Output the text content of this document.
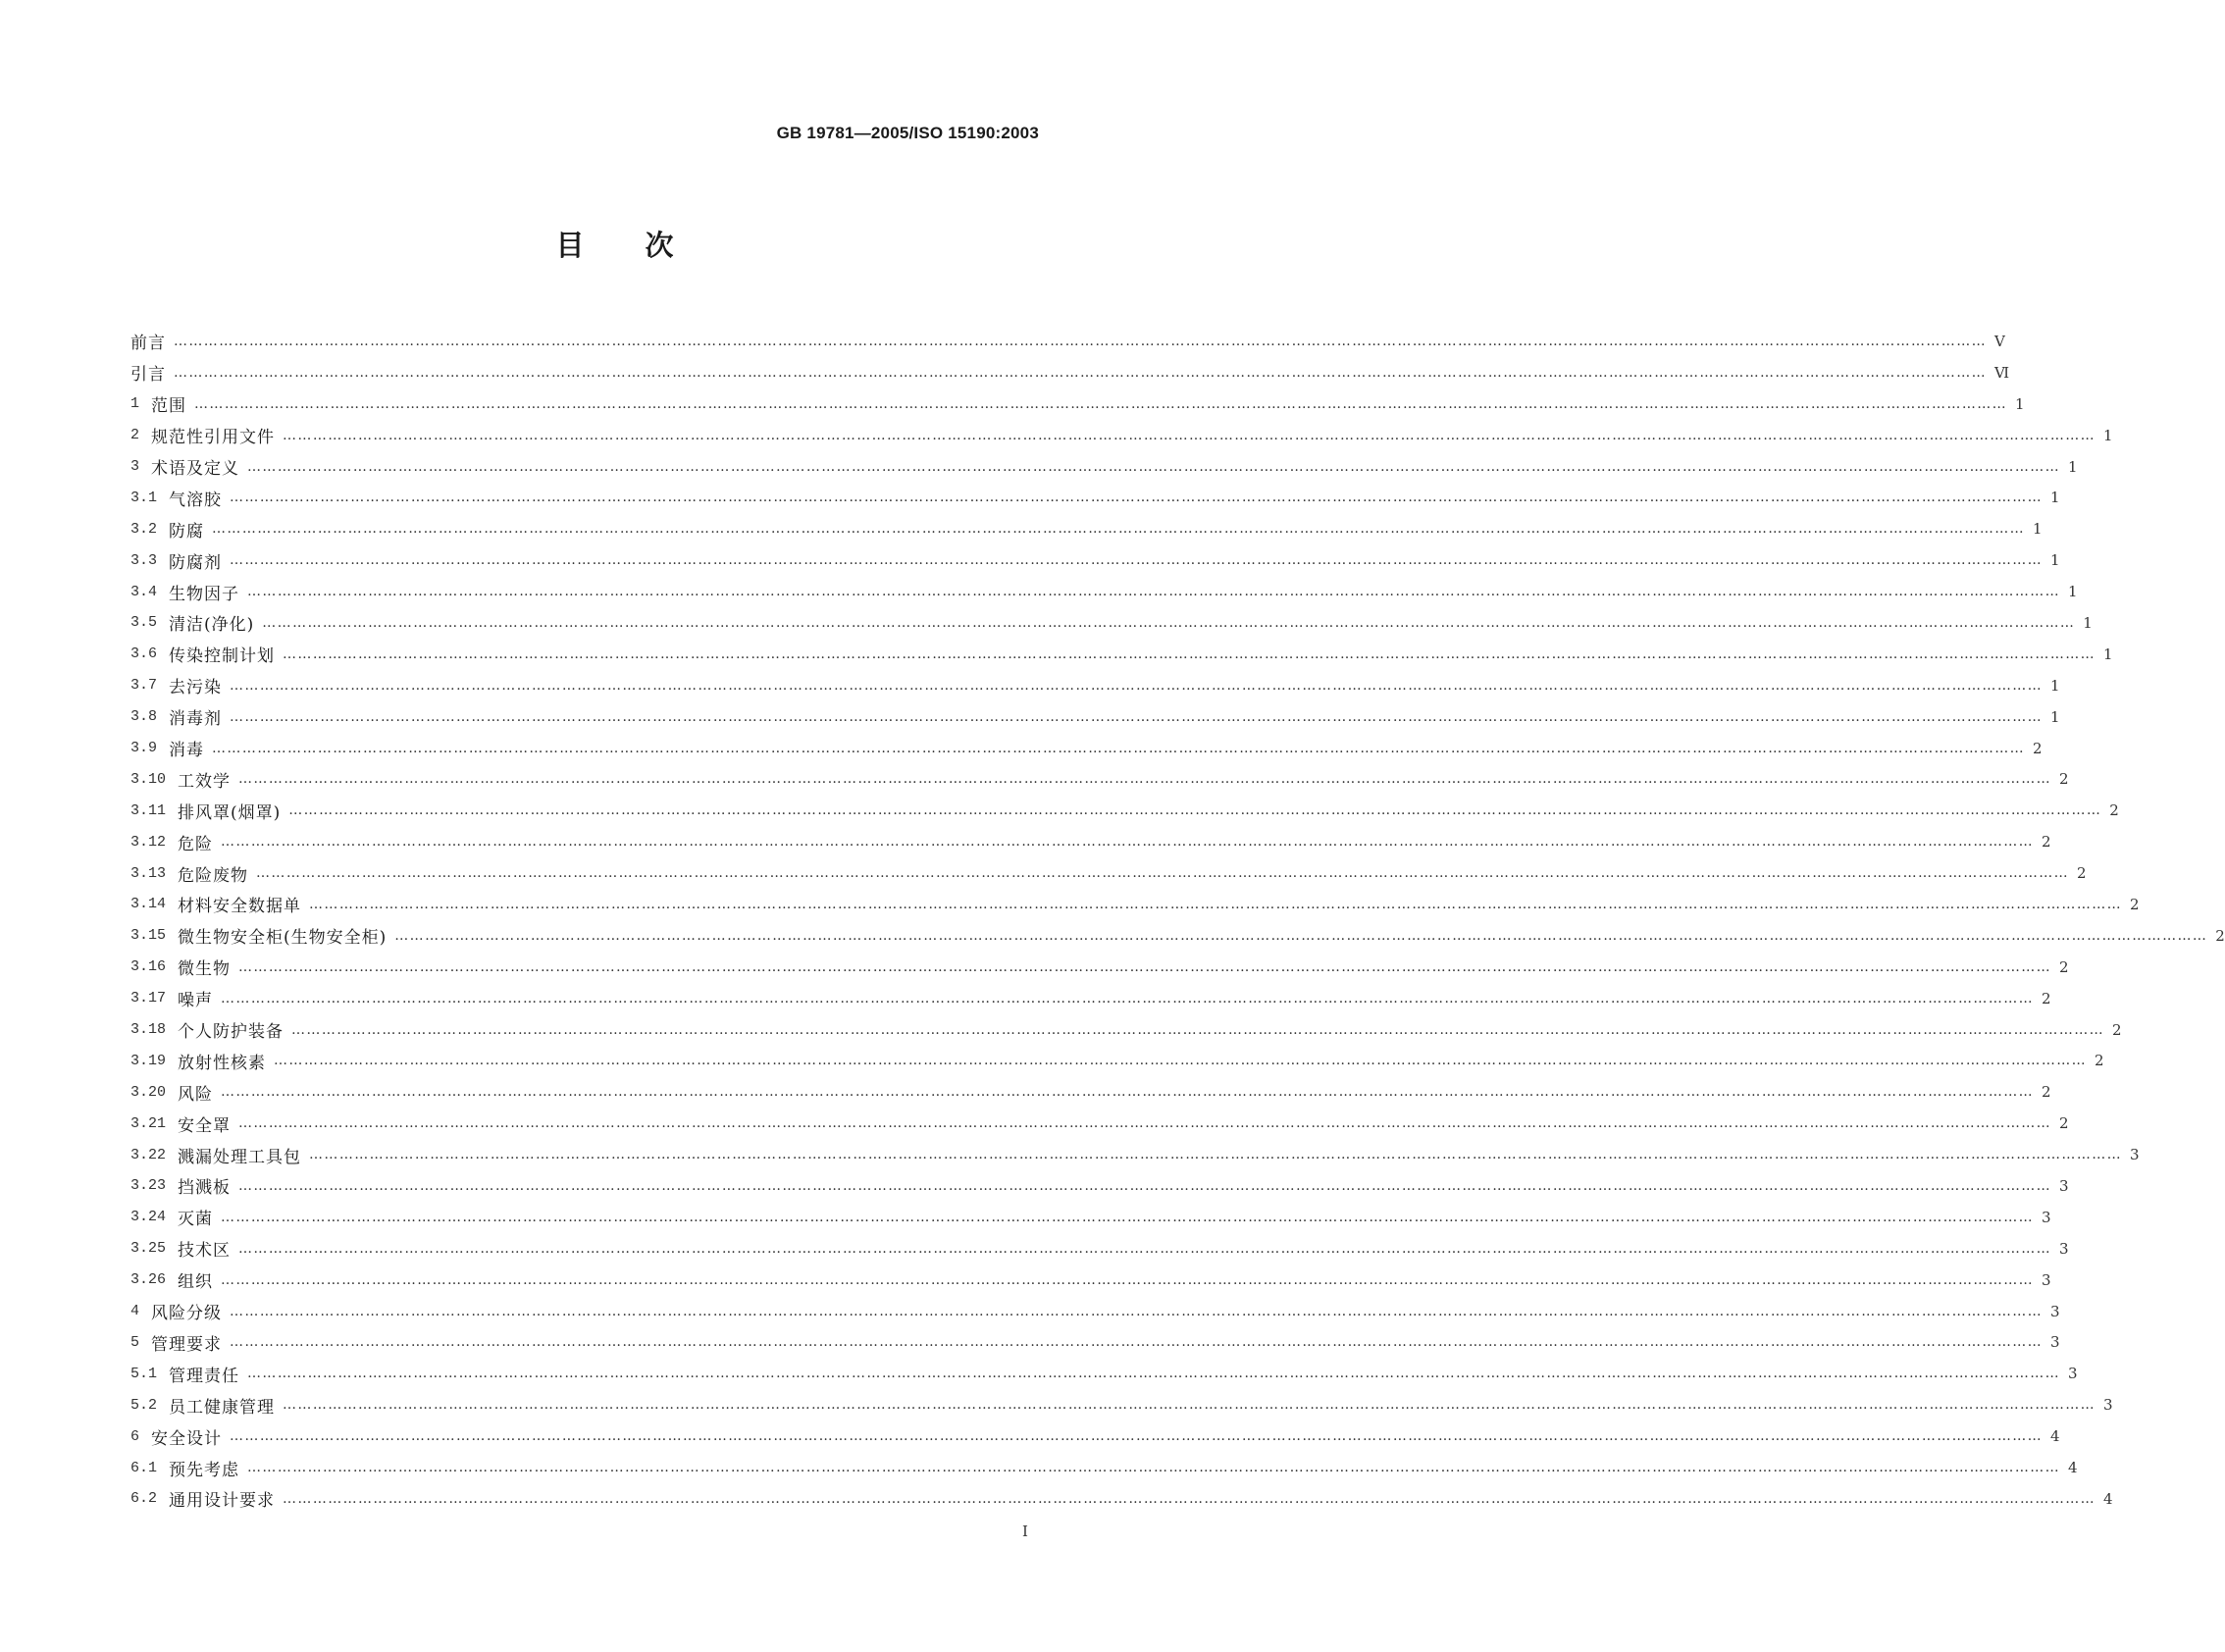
GB 19781—2005/ISO 15190:2003
目次
前言 ……………………………………………………………………………………………………………………………………………………………………………………………………………………………………………………………………………………………………………………………… V
引言 ……………………………………………………………………………………………………………………………………………………………………………………………………………………………………………………………………………………………………………………………… Ⅵ
1 范围 ……………………………………………………………………………………………………………………………………………………………………………………………………………………………………………………………………………………………………………………………… 1
2 规范性引用文件 ……………………………………………………………………………………………………………………………………………………………………………………………………………………………………………………………………………………………………………………………… 1
3 术语及定义 ……………………………………………………………………………………………………………………………………………………………………………………………………………………………………………………………………………………………………………………………… 1
3.1 气溶胶 ……………………………………………………………………………………………………………………………………………………………………………………………………………………………………………………………………………………………………………………………… 1
3.2 防腐 ……………………………………………………………………………………………………………………………………………………………………………………………………………………………………………………………………………………………………………………………… 1
3.3 防腐剂 ……………………………………………………………………………………………………………………………………………………………………………………………………………………………………………………………………………………………………………………………… 1
3.4 生物因子 ……………………………………………………………………………………………………………………………………………………………………………………………………………………………………………………………………………………………………………………………… 1
3.5 清洁(净化) ……………………………………………………………………………………………………………………………………………………………………………………………………………………………………………………………………………………………………………………………… 1
3.6 传染控制计划 ……………………………………………………………………………………………………………………………………………………………………………………………………………………………………………………………………………………………………………………………… 1
3.7 去污染 ……………………………………………………………………………………………………………………………………………………………………………………………………………………………………………………………………………………………………………………………… 1
3.8 消毒剂 ……………………………………………………………………………………………………………………………………………………………………………………………………………………………………………………………………………………………………………………………… 1
3.9 消毒 ……………………………………………………………………………………………………………………………………………………………………………………………………………………………………………………………………………………………………………………………… 2
3.10 工效学 ……………………………………………………………………………………………………………………………………………………………………………………………………………………………………………………………………………………………………………………………… 2
3.11 排风罩(烟罩) ……………………………………………………………………………………………………………………………………………………………………………………………………………………………………………………………………………………………………………………………… 2
3.12 危险 ……………………………………………………………………………………………………………………………………………………………………………………………………………………………………………………………………………………………………………………………… 2
3.13 危险废物 ……………………………………………………………………………………………………………………………………………………………………………………………………………………………………………………………………………………………………………………………… 2
3.14 材料安全数据单 ……………………………………………………………………………………………………………………………………………………………………………………………………………………………………………………………………………………………………………………………… 2
3.15 微生物安全柜(生物安全柜) ……………………………………………………………………………………………………………………………………………………………………………………………………………………………………………………………………………………………………………………………… 2
3.16 微生物 ……………………………………………………………………………………………………………………………………………………………………………………………………………………………………………………………………………………………………………………………… 2
3.17 噪声 ……………………………………………………………………………………………………………………………………………………………………………………………………………………………………………………………………………………………………………………………… 2
3.18 个人防护装备 ……………………………………………………………………………………………………………………………………………………………………………………………………………………………………………………………………………………………………………………………… 2
3.19 放射性核素 ……………………………………………………………………………………………………………………………………………………………………………………………………………………………………………………………………………………………………………………………… 2
3.20 风险 ……………………………………………………………………………………………………………………………………………………………………………………………………………………………………………………………………………………………………………………………… 2
3.21 安全罩 ……………………………………………………………………………………………………………………………………………………………………………………………………………………………………………………………………………………………………………………………… 2
3.22 溅漏处理工具包 ……………………………………………………………………………………………………………………………………………………………………………………………………………………………………………………………………………………………………………………………… 3
3.23 挡溅板 ……………………………………………………………………………………………………………………………………………………………………………………………………………………………………………………………………………………………………………………………… 3
3.24 灭菌 ……………………………………………………………………………………………………………………………………………………………………………………………………………………………………………………………………………………………………………………………… 3
3.25 技术区 ……………………………………………………………………………………………………………………………………………………………………………………………………………………………………………………………………………………………………………………………… 3
3.26 组织 ……………………………………………………………………………………………………………………………………………………………………………………………………………………………………………………………………………………………………………………………… 3
4 风险分级 ……………………………………………………………………………………………………………………………………………………………………………………………………………………………………………………………………………………………………………………………… 3
5 管理要求 ……………………………………………………………………………………………………………………………………………………………………………………………………………………………………………………………………………………………………………………………… 3
5.1 管理责任 ……………………………………………………………………………………………………………………………………………………………………………………………………………………………………………………………………………………………………………………………… 3
5.2 员工健康管理 ……………………………………………………………………………………………………………………………………………………………………………………………………………………………………………………………………………………………………………………………… 3
6 安全设计 ……………………………………………………………………………………………………………………………………………………………………………………………………………………………………………………………………………………………………………………………… 4
6.1 预先考虑 ……………………………………………………………………………………………………………………………………………………………………………………………………………………………………………………………………………………………………………………………… 4
6.2 通用设计要求 ……………………………………………………………………………………………………………………………………………………………………………………………………………………………………………………………………………………………………………………………… 4
I
